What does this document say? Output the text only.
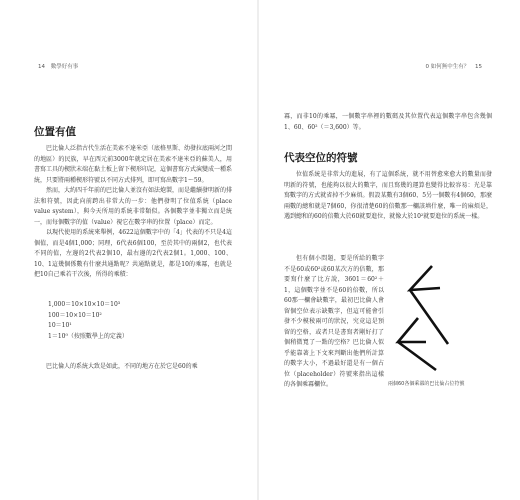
14 數學好有事
位置有值

巴比倫人泛指古代生活在美索不達米亞（底格里斯、幼發拉底兩河之間的地區）的民族，早在西元前3000年就定居在美索不達米亞的蘇美人，用書寫工具的楔狀末端在黏土板上留下楔形印記，這個書寫方式演變成一種系統，只要將兩種楔形符號以不同方式排列，即可寫出數字1～59。

然而，大約四千年前的巴比倫人並沒有如法炮製，而是繼續發明新的排法和符號，因此向前跨出非常大的一步：他們發明了位值系統（place value system），與今天所用的系統非常類似。各個數字並非獨立而是統一，而每個數字的值（value）視它在數字串的位置（place）而定。

以現代使用的系統來舉例，4622這個數字中的「4」代表的不只是4這個值，而是4個1,000；同理，6代表6個100，至於其中的兩個2，也代表不同的值，左邊的2代表2個10，最右邊的2代表2個1。1,000、100、10、1這幾個係數有什麼共通點呢？共通點就是，都是10的乘冪，也就是把10自己乘若干次後，所得的乘積：

1,000＝10×10×10＝10³
100＝10×10＝10²
10＝10¹
1＝10⁰（按照數學上的定義）

巴比倫人的系統大致是如此，不同的地方在於它是60的乘

0 如何無中生有？ 15

冪，而非10的乘冪，一個數字串裡的數碼及其位置代表這個數字串包含幾個1、60、60²（＝3,600）等。

代表空位的符號

位值系統是非常大的進展，有了這個系統，就不用替愈來愈大的數量而發明新的符號，也能夠以很大的數字，而且寫幾的運算也變得比較容易：光是靠寫數字的方式就省掉不少麻煩。假設某數有3個60、5另一個數有4個60，那麼兩數的總和就是7個60，你很清楚60的倍數那一欄該填什麼，唯一的麻煩是，遇到總和的60的倍數大於60就要進位，就像大於10²就要進位的系統一樣。

但有個小問題，要是所給的數字不是60或60²或60某次方的倍數，那要寫什麼了比方說，3601＝60²＋1，這個數字並不是60的倍數，所以60那一欄會缺數字，最初巴比倫人會留個空位表示缺數字，但這可能會引發不少模稜兩可的狀況，究竟這是預留的空格，或者只是書寫者剛好打了個稍微寬了一點的空格？巴比倫人似乎能靠著上下文來判斷出他們所計算的數字大小，不過最好還是有一個占位（placeholder）符號來指出這樣的各個乘冪欄位。	兩個60各個乘冪的巴比倫占位符號
